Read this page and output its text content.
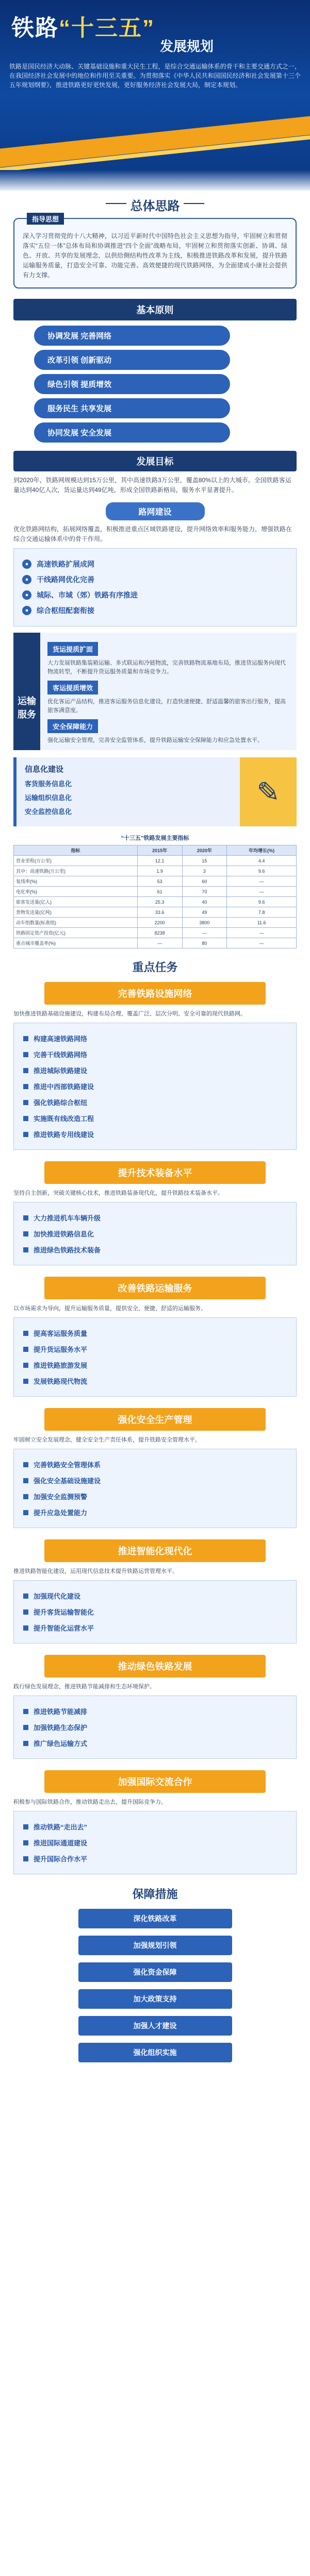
铁路“十三五”
发展规划
铁路是国民经济大动脉、关键基础设施和重大民生工程，是综合交通运输体系的骨干和主要交通方式之一，在我国经济社会发展中的地位和作用至关重要。为贯彻落实《中华人民共和国国民经济和社会发展第十三个五年规划纲要》，推进铁路更好更快发展，更好服务经济社会发展大局，制定本规划。
总体思路
指导思想

深入学习贯彻党的十八大精神，以习近平新时代中国特色社会主义思想为指导，牢固树立和贯彻落实“五位一体”总体布局和协调推进“四个全面”战略布局，牢固树立和贯彻落实创新、协调、绿色、开放、共享的发展理念，以供给侧结构性改革为主线，积极推进铁路改革和发展，提升铁路运输服务质量，打造安全可靠、功能完善、高效便捷的现代铁路网络，为全面建成小康社会提供有力支撑。

基本原则
协调发展 完善网络
改革引领 创新驱动
绿色引领 提质增效
服务民生 共享发展
协同发展 安全发展
发展目标
到2020年，铁路网规模达到15万公里，其中高速铁路3万公里，覆盖80%以上的大城市。全国铁路客运量达到40亿人次，货运量达到49亿吨，形成全国铁路新格局，服务水平显著提升。
路网建设
优化铁路网结构，拓展网络覆盖，积极推进重点区域铁路建设，提升网络效率和服务能力，增强铁路在综合交通运输体系中的骨干作用。
●	高速铁路扩展成网
●	干线路网优化完善
●	城际、市域（郊）铁路有序推进
●	综合枢纽配套衔接
运输服务
货运提质扩面

大力发展铁路集装箱运输、多式联运和冷链物流，完善铁路物流基地布局，推进货运服务向现代物流转型，不断提升货运服务质量和市场竞争力。

客运提质增效

优化客运产品结构，推进客运服务信息化建设，打造快速便捷、舒适温馨的旅客出行服务，提高旅客满意度。

安全保障能力

强化运输安全管理，完善安全监管体系，提升铁路运输安全保障能力和应急处置水平。

信息化建设
客货服务信息化
运输组织信息化
安全监控信息化
✎
“十三五”铁路发展主要指标
指标	2015年	2020年	年均增长(%)
营业里程(万公里)	12.1	15	4.4
其中：高速铁路(万公里)	1.9	3	9.6
复线率(%)	53	60	—
电化率(%)	61	70	—
旅客发送量(亿人)	25.3	40	9.6
货物发送量(亿吨)	33.6	49	7.8
动车组数量(标准组)	2200	3800	11.6
铁路固定资产投资(亿元)	8238	—	—
重点城市覆盖率(%)	—	80	—
重点任务
完善铁路设施网络
加快推进铁路基础设施建设，构建布局合理、覆盖广泛、层次分明、安全可靠的现代铁路网。
构建高速铁路网络
完善干线铁路网络
推进城际铁路建设
推进中西部铁路建设
强化铁路综合枢纽
实施既有线改造工程
推进铁路专用线建设
提升技术装备水平
坚持自主创新，突破关键核心技术，推进铁路装备现代化，提升铁路技术装备水平。
大力推进机车车辆升级
加快推进铁路信息化
推进绿色铁路技术装备
改善铁路运输服务
以市场需求为导向，提升运输服务质量，提供安全、便捷、舒适的运输服务。
提高客运服务质量
提升货运服务水平
推进铁路旅游发展
发展铁路现代物流
强化安全生产管理
牢固树立安全发展理念，健全安全生产责任体系，提升铁路安全管理水平。
完善铁路安全管理体系
强化安全基础设施建设
加强安全监测预警
提升应急处置能力
推进智能化现代化
推进铁路智能化建设，运用现代信息技术提升铁路运营管理水平。
加强现代化建设
提升客货运输智能化
提升智能化运营水平
推动绿色铁路发展
践行绿色发展理念，推进铁路节能减排和生态环境保护。
推进铁路节能减排
加强铁路生态保护
推广绿色运输方式
加强国际交流合作
积极参与国际铁路合作，推动铁路走出去，提升国际竞争力。
推动铁路“走出去”
推进国际通道建设
提升国际合作水平
保障措施
深化铁路改革
加强规划引领
强化资金保障
加大政策支持
加强人才建设
强化组织实施
